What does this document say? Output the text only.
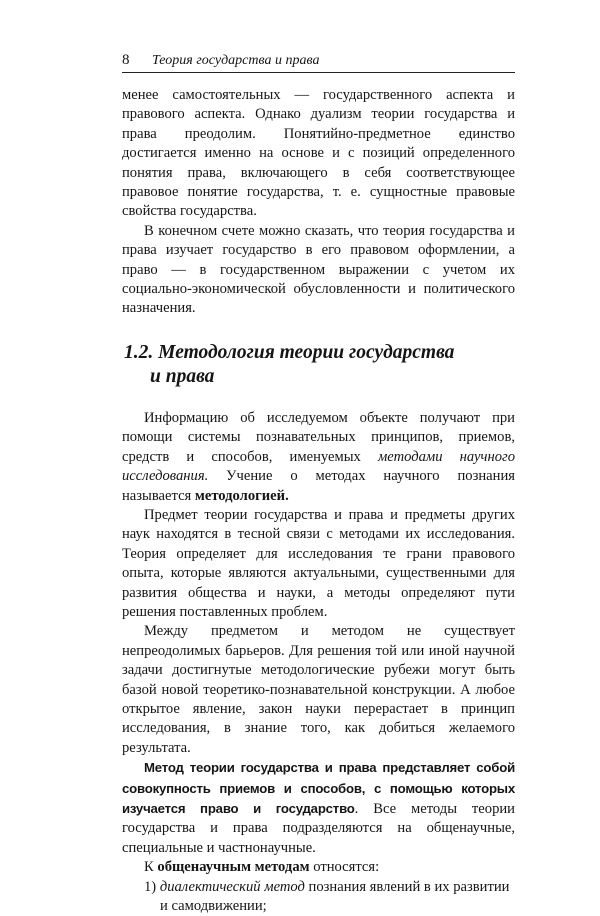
8 Теория государства и права

менее самостоятельных — государственного аспекта и правового аспекта. Однако дуализм теории государства и права преодолим. Понятийно-предметное единство достигается именно на основе и с позиций определенного понятия права, включающего в себя соответствующее правовое понятие государства, т. е. сущностные правовые свойства государства.

В конечном счете можно сказать, что теория государства и права изучает государство в его правовом оформлении, а право — в государственном выражении с учетом их социально-экономической обусловленности и политического назначения.

1.2. Методология теории государства
и права

Информацию об исследуемом объекте получают при помощи системы познавательных принципов, приемов, средств и способов, именуемых методами научного исследования. Учение о методах научного познания называется методологией.

Предмет теории государства и права и предметы других наук находятся в тесной связи с методами их исследования. Теория определяет для исследования те грани правового опыта, которые являются актуальными, существенными для развития общества и науки, а методы определяют пути решения поставленных проблем.

Между предметом и методом не существует непреодолимых барьеров. Для решения той или иной научной задачи достигнутые методологические рубежи могут быть базой новой теоретико-познавательной конструкции. А любое открытое явление, закон науки перерастает в принцип исследования, в знание того, как добиться желаемого результата.

Метод теории государства и права представляет собой совокупность приемов и способов, с помощью которых изучается право и государство. Все методы теории государства и права подразделяются на общенаучные, специальные и частнонаучные.

К общенаучным методам относятся:

1) диалектический метод познания явлений в их развитии
и самодвижении;
